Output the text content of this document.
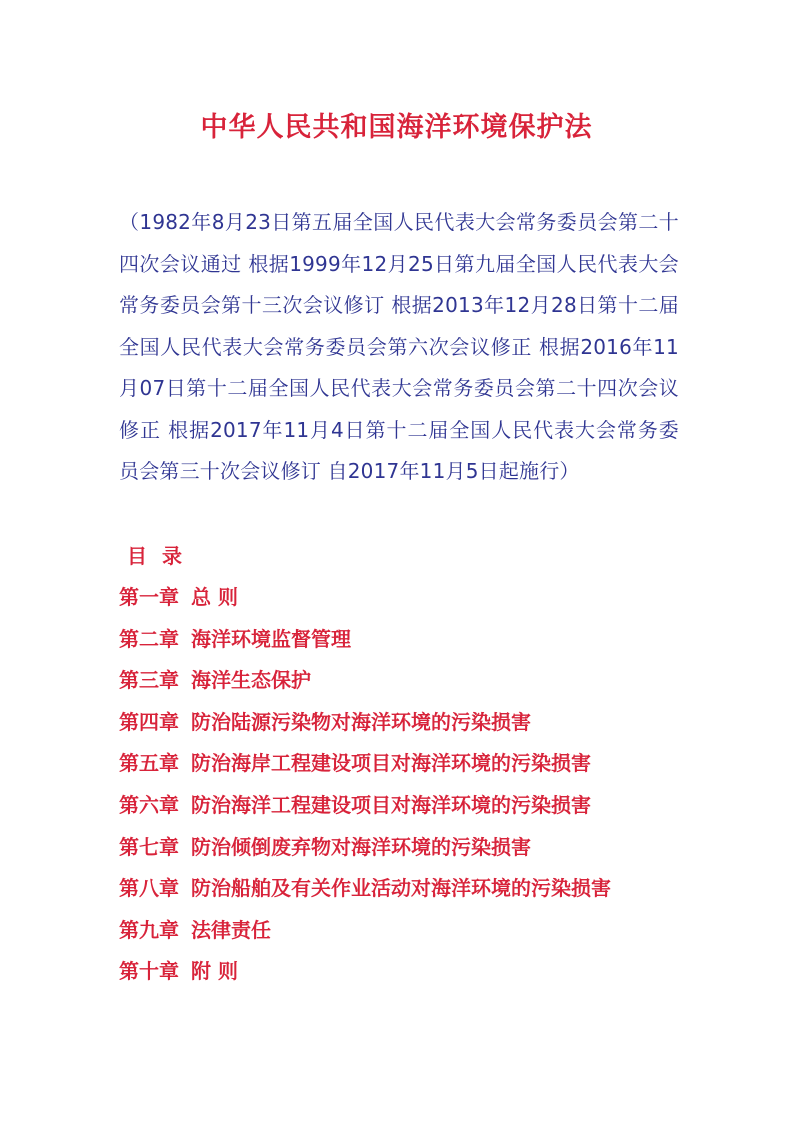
中华人民共和国海洋环境保护法
（1982年8月23日第五届全国人民代表大会常务委员会第二十四次会议通过 根据1999年12月25日第九届全国人民代表大会常务委员会第十三次会议修订 根据2013年12月28日第十二届全国人民代表大会常务委员会第六次会议修正 根据2016年11月07日第十二届全国人民代表大会常务委员会第二十四次会议修正 根据2017年11月4日第十二届全国人民代表大会常务委员会第三十次会议修订 自2017年11月5日起施行）
目 录
第一章 总 则
第二章 海洋环境监督管理
第三章 海洋生态保护
第四章 防治陆源污染物对海洋环境的污染损害
第五章 防治海岸工程建设项目对海洋环境的污染损害
第六章 防治海洋工程建设项目对海洋环境的污染损害
第七章 防治倾倒废弃物对海洋环境的污染损害
第八章 防治船舶及有关作业活动对海洋环境的污染损害
第九章 法律责任
第十章 附 则
